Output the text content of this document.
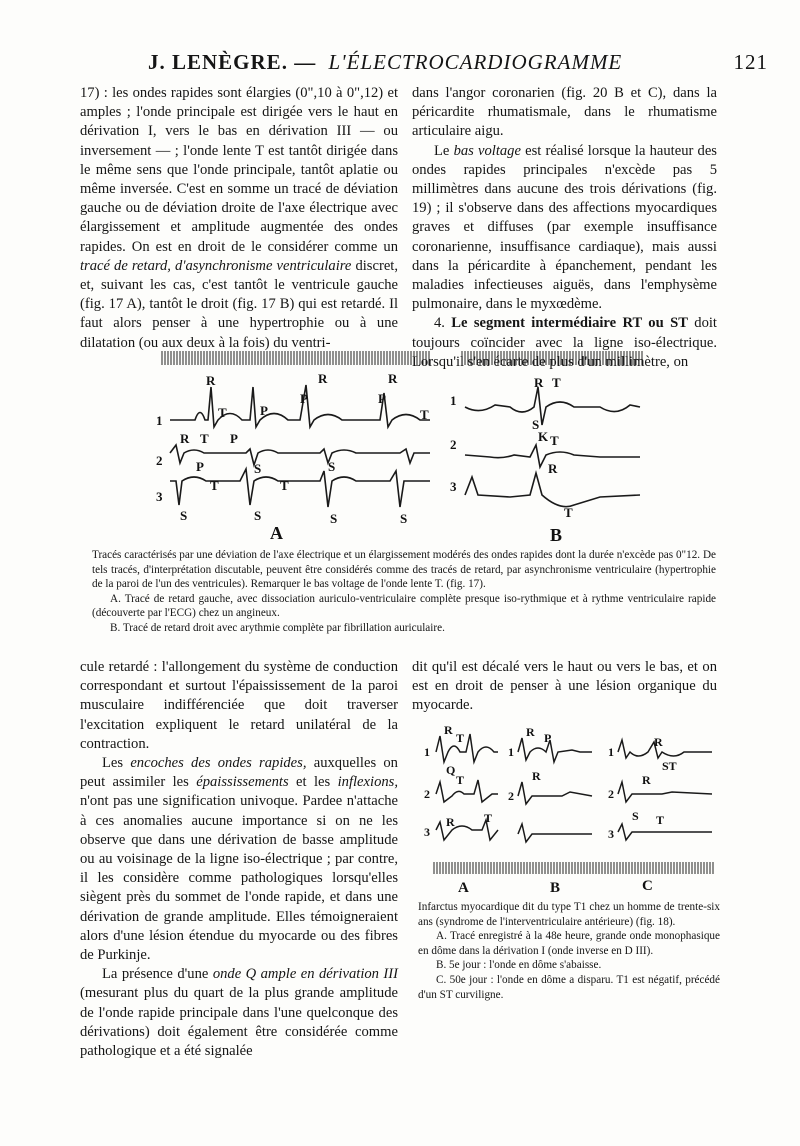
J. LENÈGRE. — L'ÉLECTROCARDIOGRAMME	121

17) : les ondes rapides sont élargies (0",10 à 0",12) et amples ; l'onde principale est dirigée vers le haut en dérivation I, vers le bas en dérivation III — ou inversement — ; l'onde lente T est tantôt dirigée dans le même sens que l'onde principale, tantôt aplatie ou même inversée. C'est en somme un tracé de déviation gauche ou de déviation droite de l'axe électrique avec élargissement et amplitude augmentée des ondes rapides. On est en droit de le considérer comme un tracé de retard, d'asynchronisme ventriculaire discret, et, suivant les cas, c'est tantôt le ventricule gauche (fig. 17 A), tantôt le droit (fig. 17 B) qui est retardé. Il faut alors penser à une hypertrophie ou à une dilatation (ou aux deux à la fois) du ventri-

dans l'angor coronarien (fig. 20 B et C), dans la péricardite rhumatismale, dans le rhumatisme articulaire aigu.

Le bas voltage est réalisé lorsque la hauteur des ondes rapides principales n'excède pas 5 millimètres dans aucune des trois dérivations (fig. 19) ; il s'observe dans des affections myocardiques graves et diffuses (par exemple insuffisance coronarienne, insuffisance cardiaque), mais aussi dans la péricardite à épanchement, pendant les maladies infectieuses aiguës, dans l'emphysème pulmonaire, dans le myxœdème.

4. Le segment intermédiaire RT ou ST doit toujours coïncider avec la ligne iso-électrique. Lorsqu'il s'en écarte de plus d'un millimètre, on

1
2
3
1
2
3
R
T	P
R	R
P	P
T
R T P
S	S
P
S	S	S	S
T	T
R T
K T
S
R
T
A	B

Tracés caractérisés par une déviation de l'axe électrique et un élargissement modérés des ondes rapides dont la durée n'excède pas 0"12. De tels tracés, d'interprétation discutable, peuvent être considérés comme des tracés de retard, par asynchronisme ventriculaire (hypertrophie de la paroi de l'un des ventricules). Remarquer le bas voltage de l'onde lente T. (fig. 17).

A. Tracé de retard gauche, avec dissociation auriculo-ventriculaire complète presque iso-rythmique et à rythme ventriculaire rapide (découverte par l'ECG) chez un angineux.

B. Tracé de retard droit avec arythmie complète par fibrillation auriculaire.

cule retardé : l'allongement du système de conduction correspondant et surtout l'épaississement de la paroi musculaire indifférenciée que doit traverser l'excitation expliquent le retard unilatéral de la contraction.

Les encoches des ondes rapides, auxquelles on peut assimiler les épaississements et les inflexions, n'ont pas une signification univoque. Pardee n'attache à ces anomalies aucune importance si on ne les observe que dans une dérivation de basse amplitude ou au voisinage de la ligne iso-électrique ; par contre, il les considère comme pathologiques lorsqu'elles siègent près du sommet de l'onde rapide, et dans une dérivation de grande amplitude. Elles témoigneraient alors d'une lésion étendue du myocarde ou des fibres de Purkinje.

La présence d'une onde Q ample en dérivation III (mesurant plus du quart de la plus grande amplitude de l'onde rapide principale dans l'une quelconque des dérivations) doit également être considérée comme pathologique et a été signalée

dit qu'il est décalé vers le haut ou vers le bas, et on est en droit de penser à une lésion organique du myocarde.

1
2
3
1
2
1
2
3
R
T	R P	R
ST
Q	R	R
T
T	S T
R
A	B	C

Infarctus myocardique dit du type T1 chez un homme de trente-six ans (syndrome de l'interventriculaire antérieure) (fig. 18).

A. Tracé enregistré à la 48e heure, grande onde monophasique en dôme dans la dérivation I (onde inverse en D III).

B. 5e jour : l'onde en dôme s'abaisse.

C. 50e jour : l'onde en dôme a disparu. T1 est négatif, précédé d'un ST curviligne.
